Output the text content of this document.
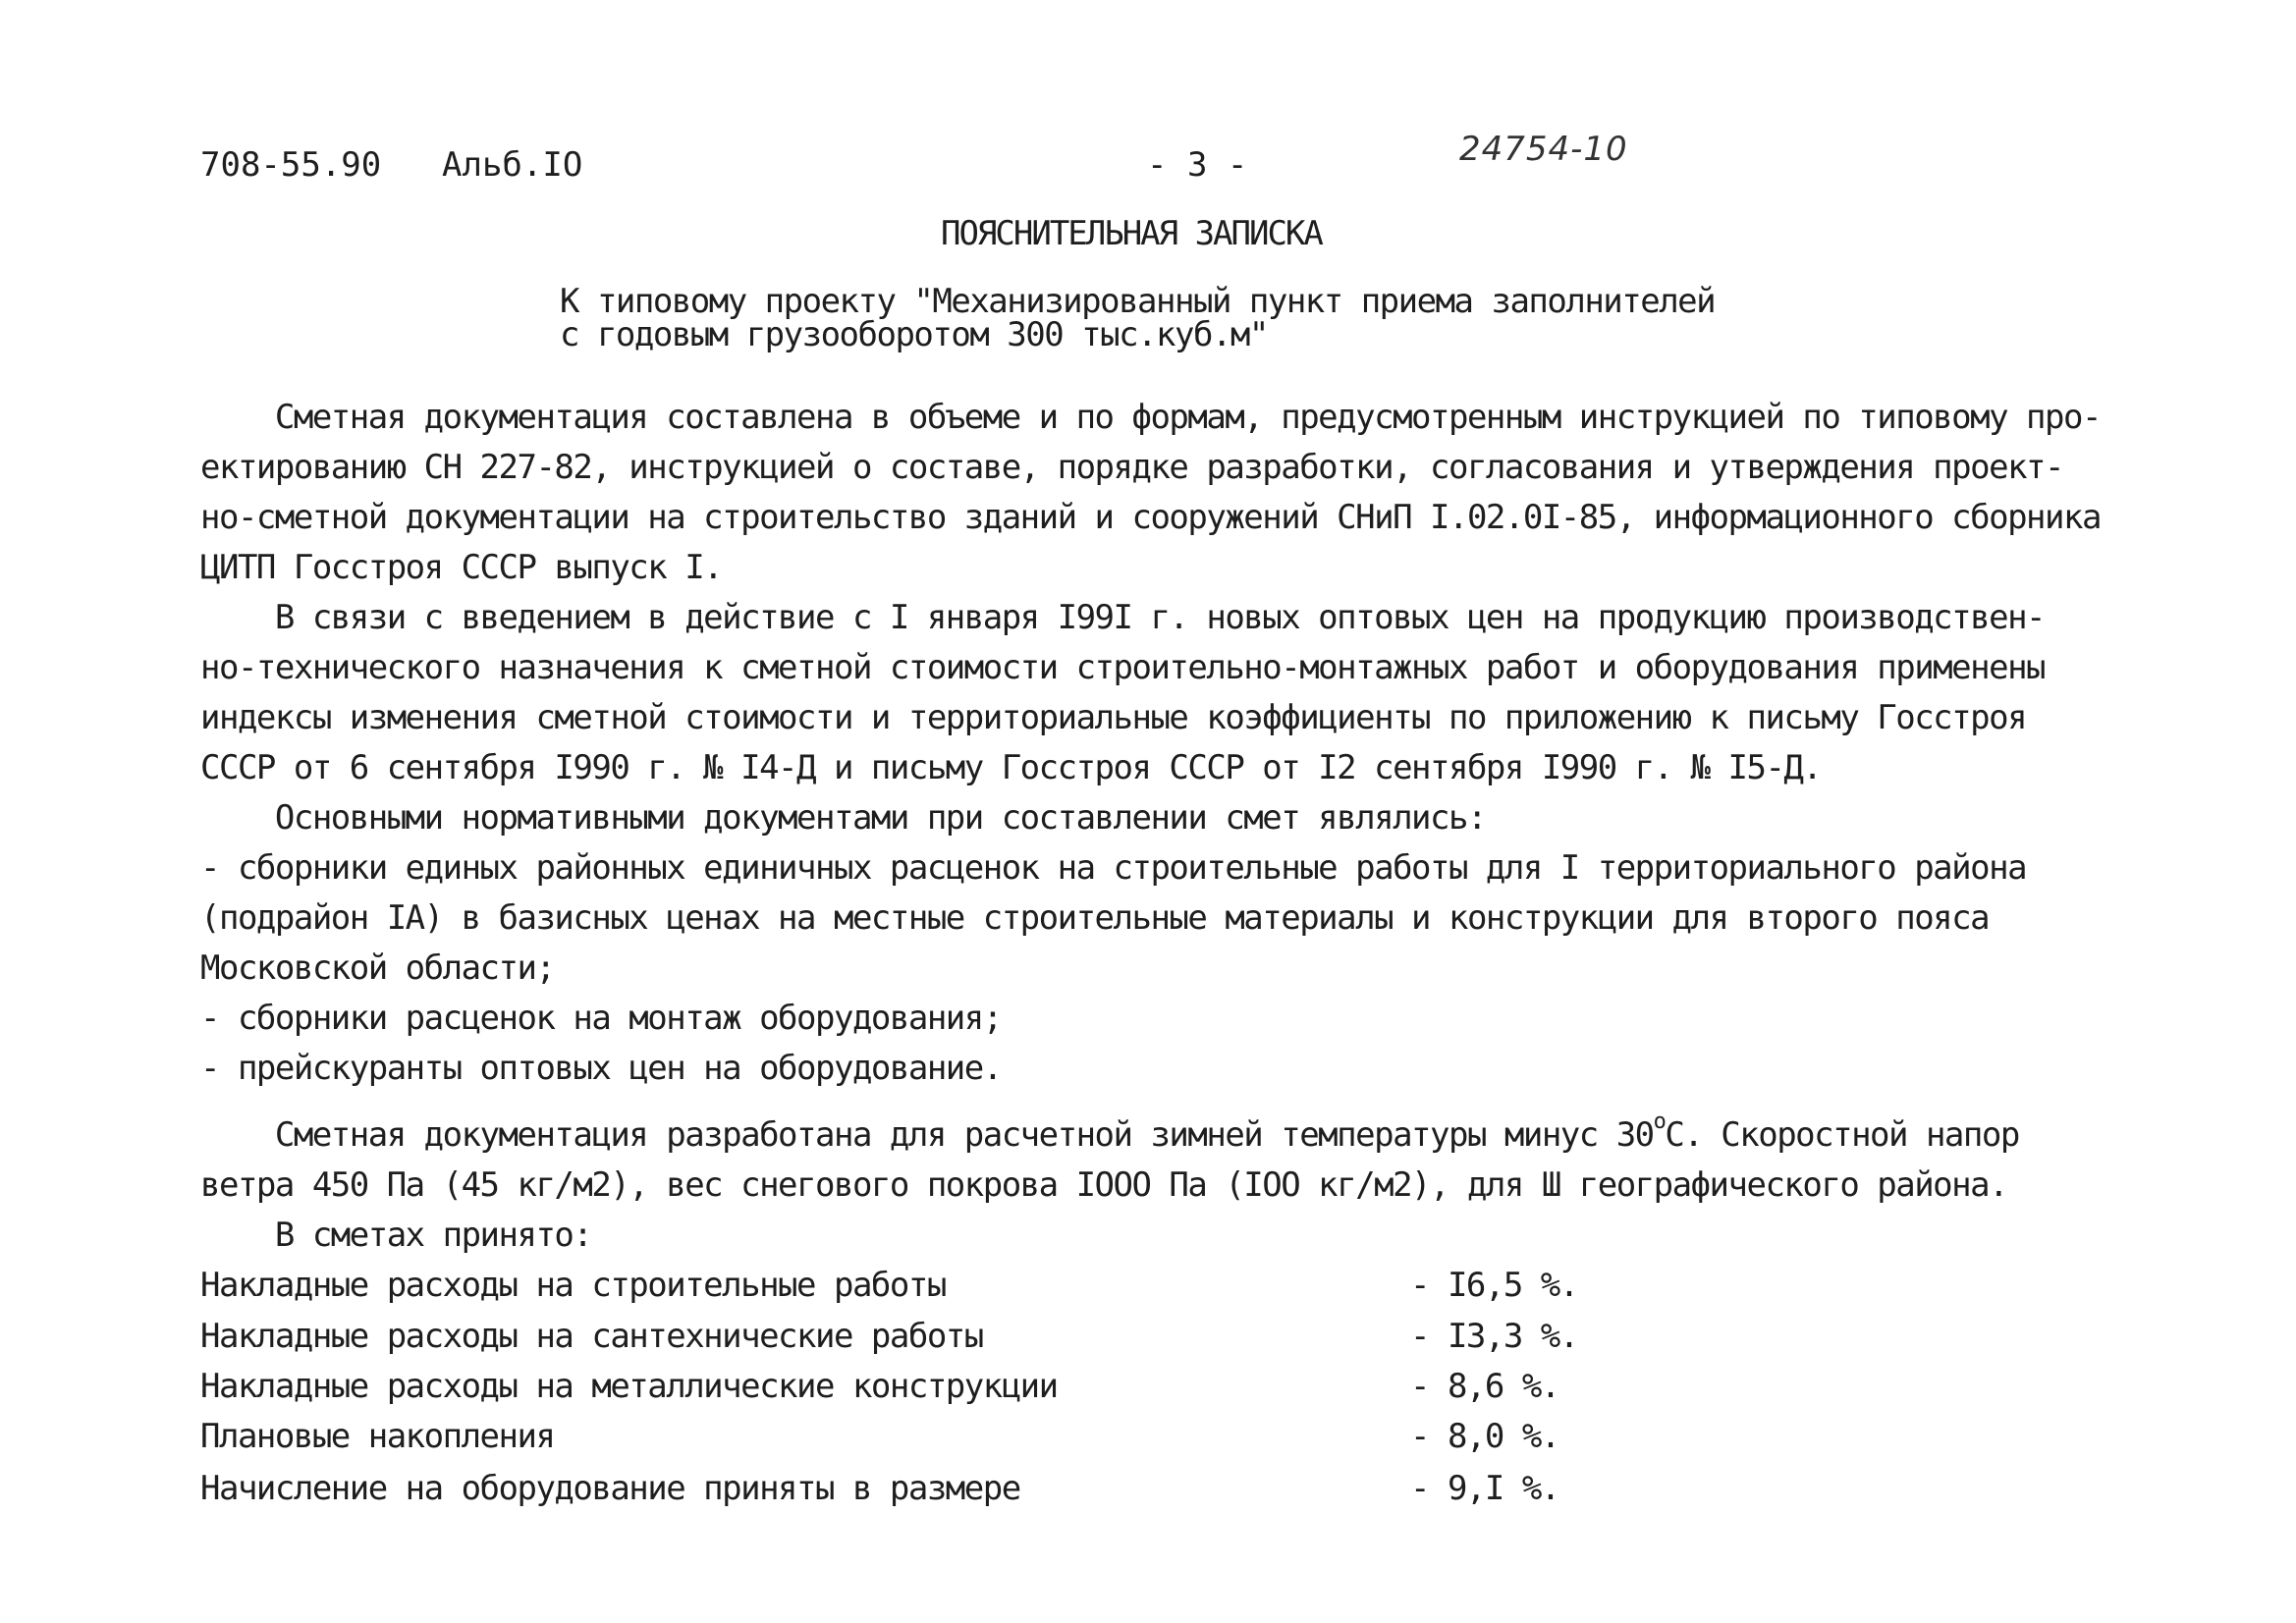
708-55.90 Альб.IO	- 3 -	24754-10
ПОЯСНИТЕЛЬНАЯ ЗАПИСКА
К типовому проекту "Механизированный пункт приема заполнителей
с годовым грузооборотом 300 тыс.куб.м"
Сметная документация составлена в объеме и по формам, предусмотренным инструкцией по типовому про-
ектированию СН 227-82, инструкцией о составе, порядке разработки, согласования и утверждения проект-
но-сметной документации на строительство зданий и сооружений СНиП I.02.0I-85, информационного сборника
ЦИТП Госстроя СССР выпуск I.
В связи с введением в действие с I января I99I г. новых оптовых цен на продукцию производствен-
но-технического назначения к сметной стоимости строительно-монтажных работ и оборудования применены
индексы изменения сметной стоимости и территориальные коэффициенты по приложению к письму Госстроя
СССР от 6 сентября I990 г. № I4-Д и письму Госстроя СССР от I2 сентября I990 г. № I5-Д.
Основными нормативными документами при составлении смет являлись:
- сборники единых районных единичных расценок на строительные работы для I территориального района
(подрайон IA) в базисных ценах на местные строительные материалы и конструкции для второго пояса
Московской области;
- сборники расценок на монтаж оборудования;
- прейскуранты оптовых цен на оборудование.
Сметная документация разработана для расчетной зимней температуры минус $30^оС$. Скоростной напор
ветра 450 Па (45 кг/м2), вес снегового покрова IOOO Па (IOO кг/м2), для Ш географического района.
В сметах принято:
Накладные расходы на строительные работы	- I6,5 %.
Накладные расходы на сантехнические работы	- I3,3 %.
Накладные расходы на металлические конструкции	- 8,6 %.
Плановые накопления	- 8,0 %.
Начисление на оборудование приняты в размере	- 9,I %.
